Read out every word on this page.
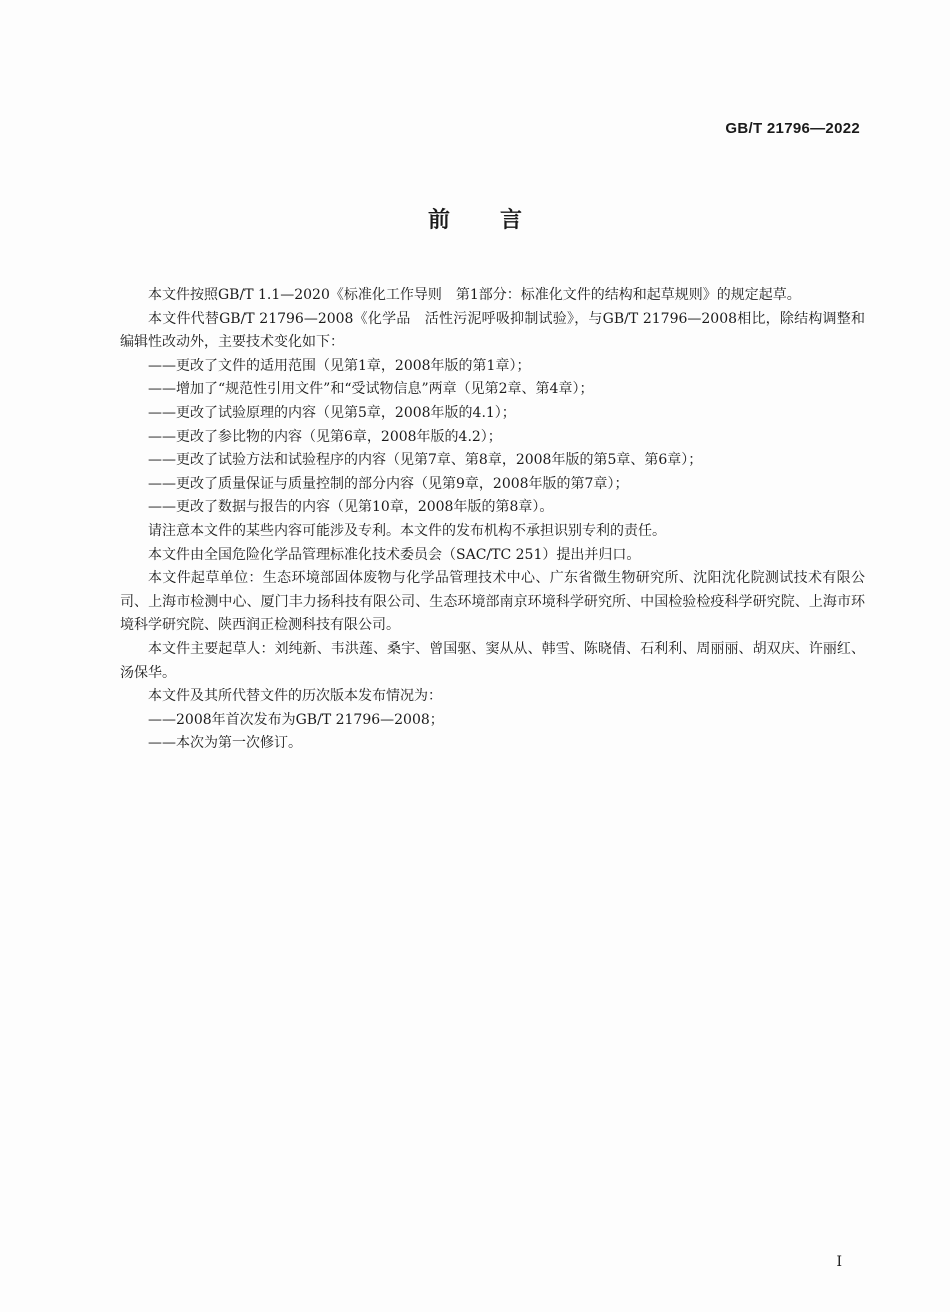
GB/T 21796—2022
前言

本文件按照GB/T 1.1—2020《标准化工作导则　第1部分：标准化文件的结构和起草规则》的规定起草。

本文件代替GB/T 21796—2008《化学品　活性污泥呼吸抑制试验》，与GB/T 21796—2008相比，除结构调整和编辑性改动外，主要技术变化如下：

——更改了文件的适用范围（见第1章，2008年版的第1章）；

——增加了“规范性引用文件”和“受试物信息”两章（见第2章、第4章）；

——更改了试验原理的内容（见第5章，2008年版的4.1）；

——更改了参比物的内容（见第6章，2008年版的4.2）；

——更改了试验方法和试验程序的内容（见第7章、第8章，2008年版的第5章、第6章）；

——更改了质量保证与质量控制的部分内容（见第9章，2008年版的第7章）；

——更改了数据与报告的内容（见第10章，2008年版的第8章）。

请注意本文件的某些内容可能涉及专利。本文件的发布机构不承担识别专利的责任。

本文件由全国危险化学品管理标准化技术委员会（SAC/TC 251）提出并归口。

本文件起草单位：生态环境部固体废物与化学品管理技术中心、广东省微生物研究所、沈阳沈化院测试技术有限公司、上海市检测中心、厦门丰力扬科技有限公司、生态环境部南京环境科学研究所、中国检验检疫科学研究院、上海市环境科学研究院、陕西润正检测科技有限公司。

本文件主要起草人：刘纯新、韦洪莲、桑宇、曾国驱、窦从从、韩雪、陈晓倩、石利利、周丽丽、胡双庆、许丽红、汤保华。

本文件及其所代替文件的历次版本发布情况为：

——2008年首次发布为GB/T 21796—2008；

——本次为第一次修订。

I
